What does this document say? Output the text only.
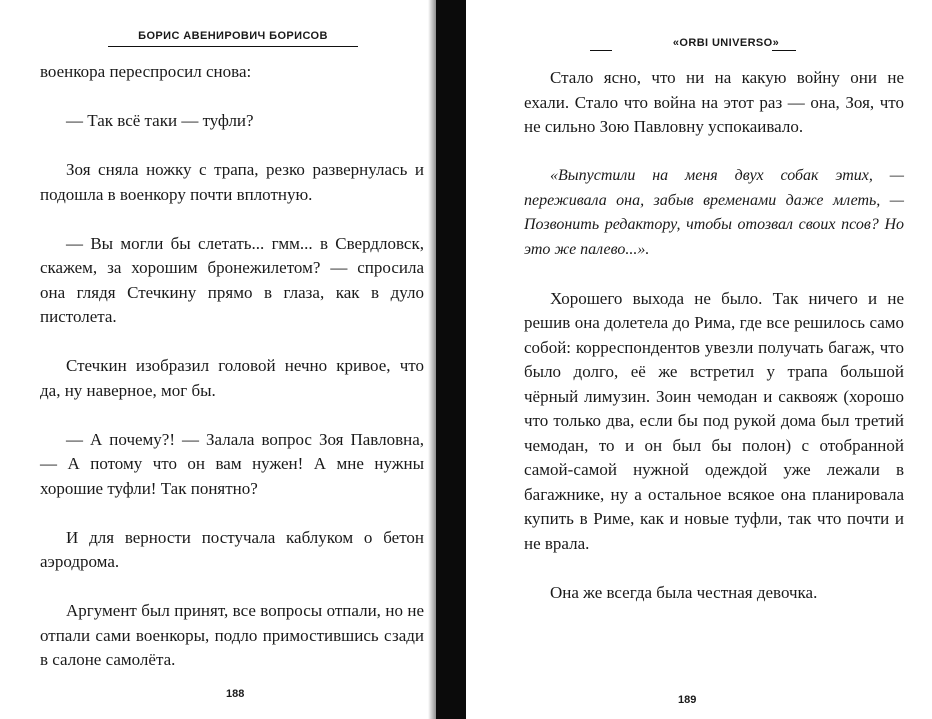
БОРИС АВЕНИРОВИЧ БОРИСОВ

военкора переспросил снова:

— Так всё таки — туфли?

Зоя сняла ножку с трапа, резко развернулась и подошла в военкору почти вплотную.

— Вы могли бы слетать... гмм... в Свердловск, скажем, за хорошим бронежилетом? — спросила она глядя Стечкину прямо в глаза, как в дуло пистолета.

Стечкин изобразил головой нечно кривое, что да, ну наверное, мог бы.

— А почему?! — Залала вопрос Зоя Павловна, — А потому что он вам нужен! А мне нужны хорошие туфли! Так понятно?

И для верности постучала каблуком о бетон аэродрома.

Аргумент был принят, все вопросы отпали, но не отпали сами военкоры, подло примостившись сзади в салоне самолёта.

188
«ORBI UNIVERSO»

Стало ясно, что ни на какую войну они не ехали. Стало что война на этот раз — она, Зоя, что не сильно Зою Павловну успокаивало.

«Выпустили на меня двух собак этих, — переживала она, забыв временами даже млеть, — Позвонить редактору, чтобы отозвал своих псов? Но это же палево...».

Хорошего выхода не было. Так ничего и не решив она долетела до Рима, где все решилось само собой: корреспондентов увезли получать багаж, что было долго, её же встретил у трапа большой чёрный лимузин. Зоин чемодан и саквояж (хорошо что только два, если бы под рукой дома был третий чемодан, то и он был бы полон) с отобранной самой-самой нужной одеждой уже лежали в багажнике, ну а остальное всякое она планировала купить в Риме, как и новые туфли, так что почти и не врала.

Она же всегда была честная девочка.

189
